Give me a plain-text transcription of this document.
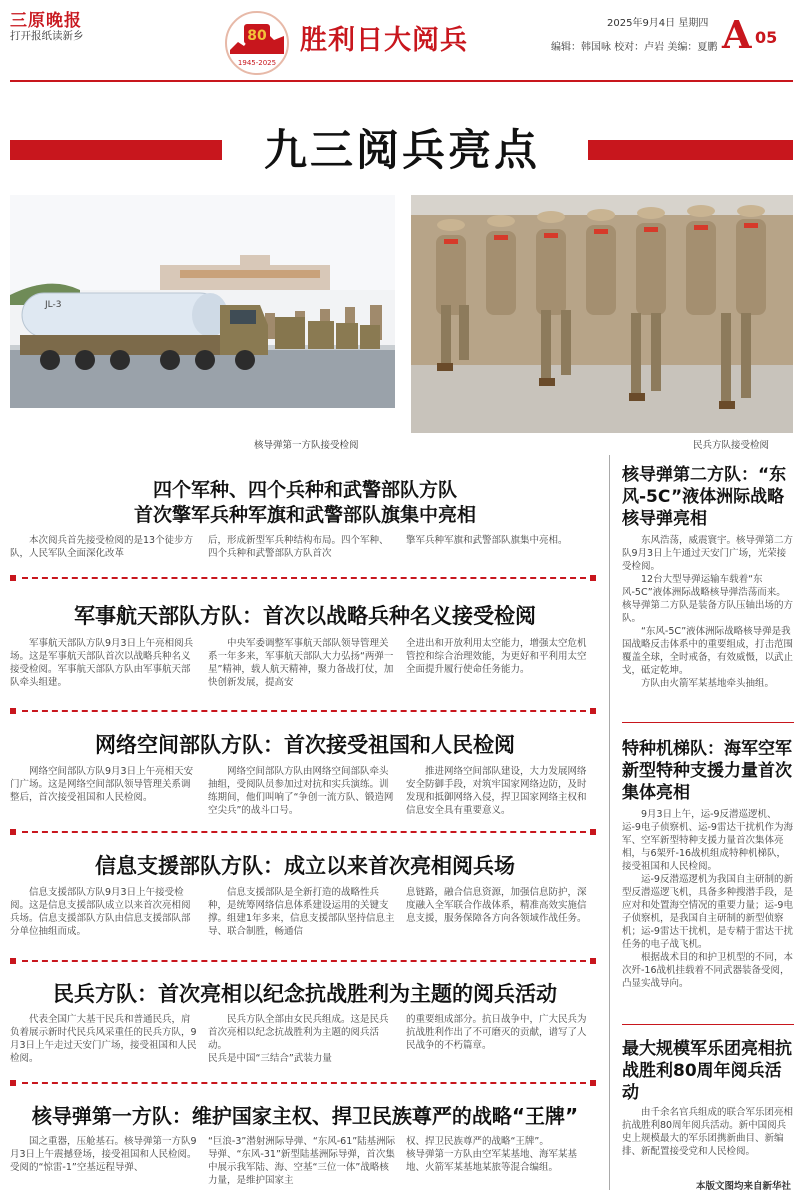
三原晚报
打开报纸读新乡	80
1945-2025
胜利日大阅兵
2025年9月4日 星期四
编辑：韩国咏 校对：卢岩 美编：夏鹏 A 05
九三阅兵亮点
JL-3
核导弹第一方队接受检阅	民兵方队接受检阅
四个军种、四个兵种和武警部队方队
首次擎军兵种军旗和武警部队旗集中亮相

本次阅兵首先接受检阅的是13个徒步方队，人民军队全面深化改革

后，形成新型军兵种结构布局。四个军种、四个兵种和武警部队方队首次

擎军兵种军旗和武警部队旗集中亮相。

军事航天部队方队：首次以战略兵种名义接受检阅

军事航天部队方队9月3日上午亮相阅兵场。这是军事航天部队首次以战略兵种名义接受检阅。军事航天部队方队由军事航天部队牵头组建。

中央军委调整军事航天部队领导管理关系一年多来，军事航天部队大力弘扬“两弹一星”精神，载人航天精神，聚力备战打仗，加快创新发展，提高安

全进出和开放利用太空能力，增强太空危机管控和综合治理效能，为更好和平利用太空全面提升履行使命任务能力。

网络空间部队方队：首次接受祖国和人民检阅

网络空间部队方队9月3日上午亮相天安门广场。这是网络空间部队领导管理关系调整后，首次接受祖国和人民检阅。

网络空间部队方队由网络空间部队牵头抽组，受阅队员参加过对抗和实兵演练。训练期间，他们叫响了“争创一流方队、锻造网空尖兵”的战斗口号。

推进网络空间部队建设，大力发展网络安全防御手段，对筑牢国家网络边防，及时发现和抵御网络入侵，捍卫国家网络主权和信息安全具有重要意义。

信息支援部队方队：成立以来首次亮相阅兵场

信息支援部队方队9月3日上午接受检阅。这是信息支援部队成立以来首次亮相阅兵场。信息支援部队方队由信息支援部队部分单位抽组而成。

信息支援部队是全新打造的战略性兵种，是统筹网络信息体系建设运用的关键支撑。组建1年多来，信息支援部队坚持信息主导、联合制胜，畅通信

息链路，融合信息资源，加强信息防护，深度融入全军联合作战体系，精准高效实施信息支援，服务保障各方向各领域作战任务。

民兵方队：首次亮相以纪念抗战胜利为主题的阅兵活动

代表全国广大基干民兵和普通民兵，肩负着展示新时代民兵风采重任的民兵方队，9月3日上午走过天安门广场，接受祖国和人民检阅。

民兵方队全部由女民兵组成。这是民兵首次亮相以纪念抗战胜利为主题的阅兵活动。
民兵是中国“三结合”武装力量

的重要组成部分。抗日战争中，广大民兵为抗战胜利作出了不可磨灭的贡献，谱写了人民战争的不朽篇章。

核导弹第一方队：维护国家主权、捍卫民族尊严的战略“王牌”

国之重器，压舱基石。核导弹第一方队9月3日上午震撼登场，接受祖国和人民检阅。
受阅的“惊雷-1”空基远程导弹、

“巨浪-3”潜射洲际导弹、“东风-61”陆基洲际导弹、“东风-31”新型陆基洲际导弹，首次集中展示我军陆、海、空基“三位一体”战略核力量，是维护国家主

权、捍卫民族尊严的战略“王牌”。
核导弹第一方队由空军某基地、海军某基地、火箭军某基地某旅等混合编组。

核导弹第二方队：“东风-5C”液体洲际战略核导弹亮相

东风浩荡，威震寰宇。核导弹第二方队9月3日上午通过天安门广场，光荣接受检阅。

12台大型导弹运输车载着“东风-5C”液体洲际战略核导弹浩荡而来。核导弹第二方队是装备方队压轴出场的方队。

“东风-5C”液体洲际战略核导弹是我国战略反击体系中的重要组成，打击范围覆盖全球，全时戒备，有效威慑，以武止戈，砥定乾坤。

方队由火箭军某基地牵头抽组。

特种机梯队：海军空军新型特种支援力量首次集体亮相

9月3日上午，运-9反潜巡逻机、运-9电子侦察机、运-9雷达干扰机作为海军、空军新型特种支援力量首次集体亮相，与6架歼-16战机组成特种机梯队，接受祖国和人民检阅。

运-9反潜巡逻机为我国自主研制的新型反潜巡逻飞机，具备多种搜潜手段，是应对和处置海空情况的重要力量；运-9电子侦察机，是我国自主研制的新型侦察机；运-9雷达干扰机，是专精于雷达干扰任务的电子战飞机。

根据战术目的和护卫机型的不同，本次歼-16战机挂载着不同武器装备受阅，凸显实战导向。

最大规模军乐团亮相抗战胜利80周年阅兵活动

由千余名官兵组成的联合军乐团亮相抗战胜利80周年阅兵活动。新中国阅兵史上规模最大的军乐团携新曲目、新编排、新配置接受党和人民检阅。

本版文图均来自新华社
